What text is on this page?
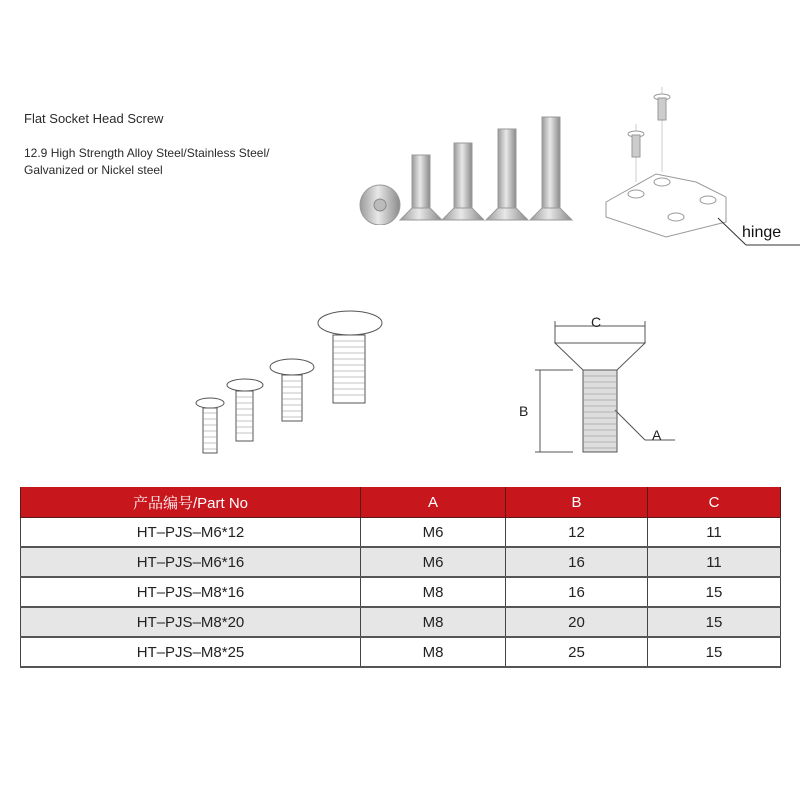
Flat Socket Head Screw
12.9 High Strength Alloy Steel/Stainless Steel/
Galvanized or Nickel steel
hinge
C
B
A
产品编号/Part No	A	B	C
HT–PJS–M6*12	M6	12	11
HT–PJS–M6*16	M6	16	11
HT–PJS–M8*16	M8	16	15
HT–PJS–M8*20	M8	20	15
HT–PJS–M8*25	M8	25	15
